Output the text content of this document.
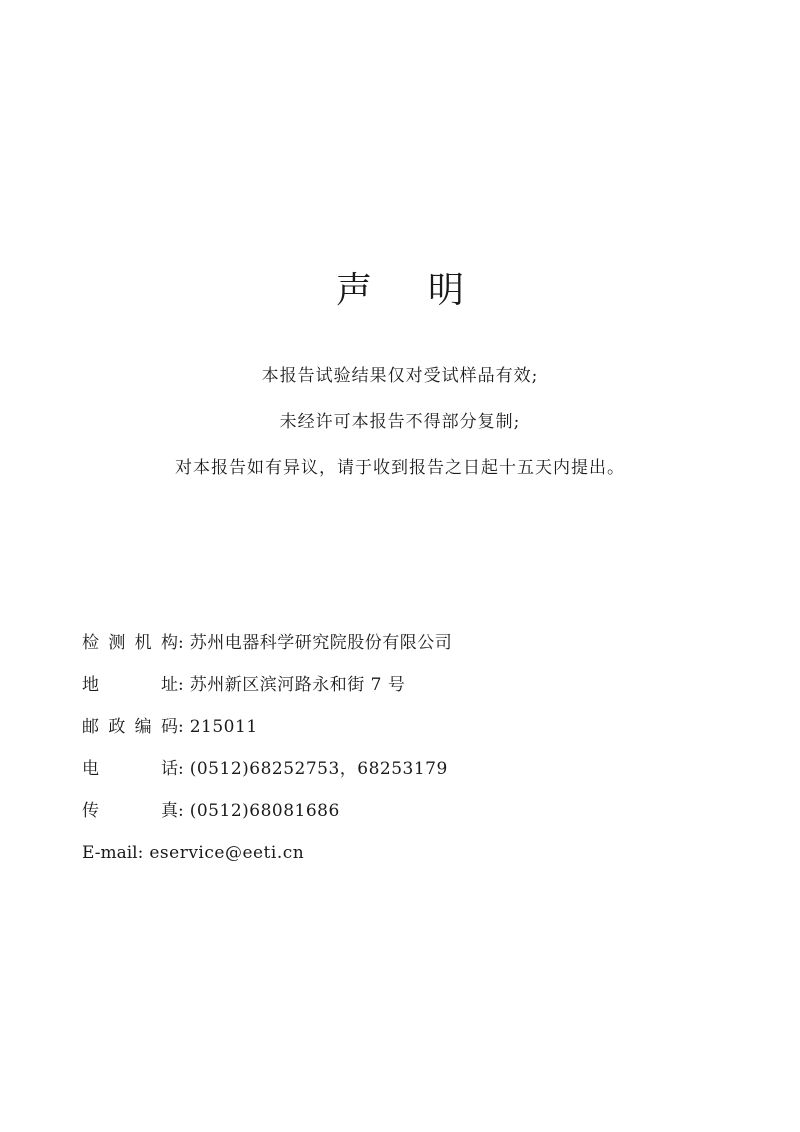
声 明
本报告试验结果仅对受试样品有效;
未经许可本报告不得部分复制;
对本报告如有异议，请于收到报告之日起十五天内提出。
检测机构: 苏州电器科学研究院股份有限公司
地址: 苏州新区滨河路永和街 7 号
邮政编码: 215011
电话: (0512)68252753，68253179
传真: (0512)68081686
E-mail: eservice@eeti.cn
